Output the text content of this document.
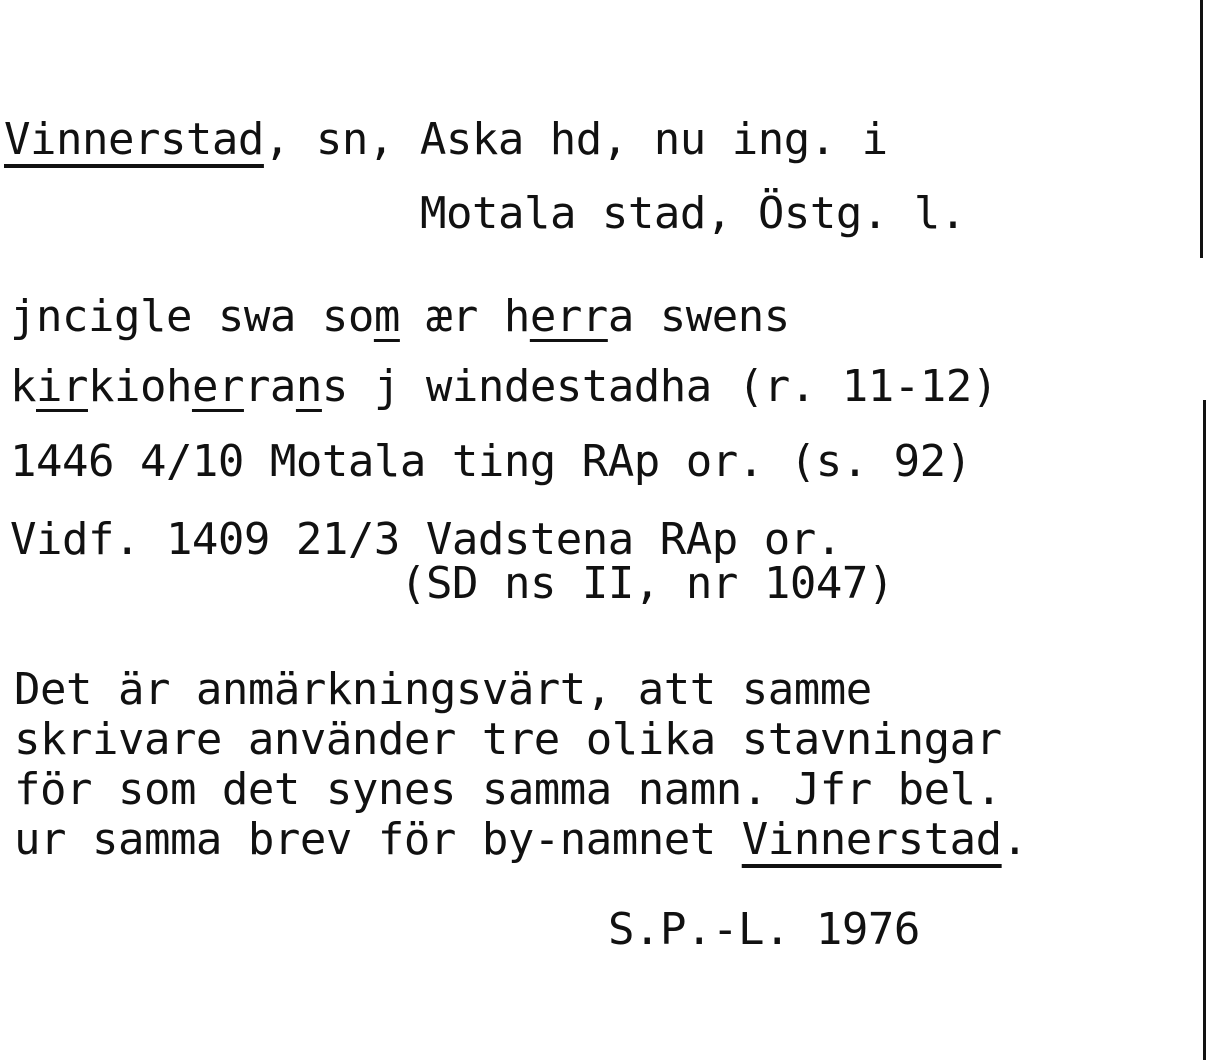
Vinnerstad, sn, Aska hd, nu ing. i
Motala stad, Östg. l.
jncigle swa som ær herra swens
kirkioherrans j windestadha (r. 11-12)
1446 4/10 Motala ting RAp or. (s. 92)
Vidf. 1409 21/3 Vadstena RAp or.
(SD ns II, nr 1047)
Det är anmärkningsvärt, att samme
skrivare använder tre olika stavningar
för som det synes samma namn. Jfr bel.
ur samma brev för by-namnet Vinnerstad.
S.P.-L. 1976
